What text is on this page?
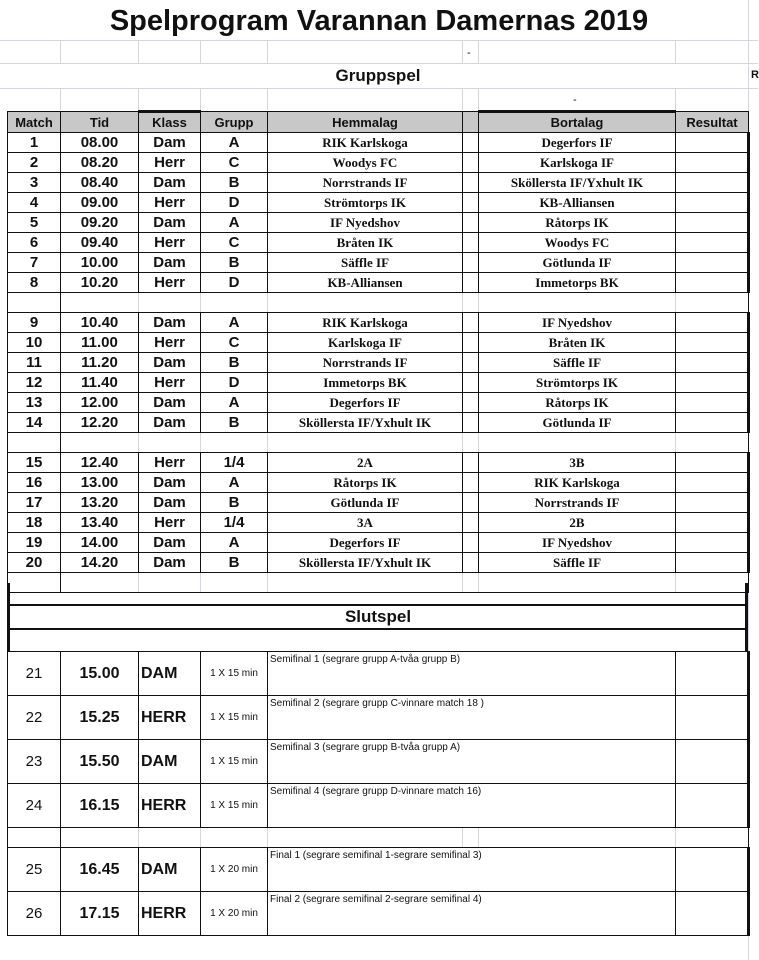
Spelprogram Varannan Damernas 2019
-
Gruppspel	R
-
Match	Tid	Klass	Grupp	Hemmalag		Bortalag	Resultat
1	08.00	Dam	A	RIK Karlskoga		Degerfors IF	
2	08.20	Herr	C	Woodys FC		Karlskoga IF	
3	08.40	Dam	B	Norrstrands IF		Sköllersta IF/Yxhult IK	
4	09.00	Herr	D	Strömtorps IK		KB-Alliansen	
5	09.20	Dam	A	IF Nyedshov		Råtorps IK	
6	09.40	Herr	C	Bråten IK		Woodys FC	
7	10.00	Dam	B	Säffle IF		Götlunda IF	
8	10.20	Herr	D	KB-Alliansen		Immetorps BK	

9	10.40	Dam	A	RIK Karlskoga		IF Nyedshov	
10	11.00	Herr	C	Karlskoga IF		Bråten IK	
11	11.20	Dam	B	Norrstrands IF		Säffle IF	
12	11.40	Herr	D	Immetorps BK		Strömtorps IK	
13	12.00	Dam	A	Degerfors IF		Råtorps IK	
14	12.20	Dam	B	Sköllersta IF/Yxhult IK		Götlunda IF	

15	12.40	Herr	1/4	2A		3B	
16	13.00	Dam	A	Råtorps IK		RIK Karlskoga	
17	13.20	Dam	B	Götlunda IF		Norrstrands IF	
18	13.40	Herr	1/4	3A		2B	
19	14.00	Dam	A	Degerfors IF		IF Nyedshov	
20	14.20	Dam	B	Sköllersta IF/Yxhult IK		Säffle IF	

Slutspel
21	15.00	DAM	1 X 15 min	Semifinal 1 (segrare grupp A-tvåa grupp B)			
22	15.25	HERR	1 X 15 min	Semifinal 2 (segrare grupp C-vinnare match 18 )			
23	15.50	DAM	1 X 15 min	Semifinal 3 (segrare grupp B-tvåa grupp A)			
24	16.15	HERR	1 X 15 min	Semifinal 4 (segrare grupp D-vinnare match 16)			

25	16.45	DAM	1 X 20 min	Final 1 (segrare semifinal 1-segrare semifinal 3)			
26	17.15	HERR	1 X 20 min	Final 2 (segrare semifinal 2-segrare semifinal 4)			
